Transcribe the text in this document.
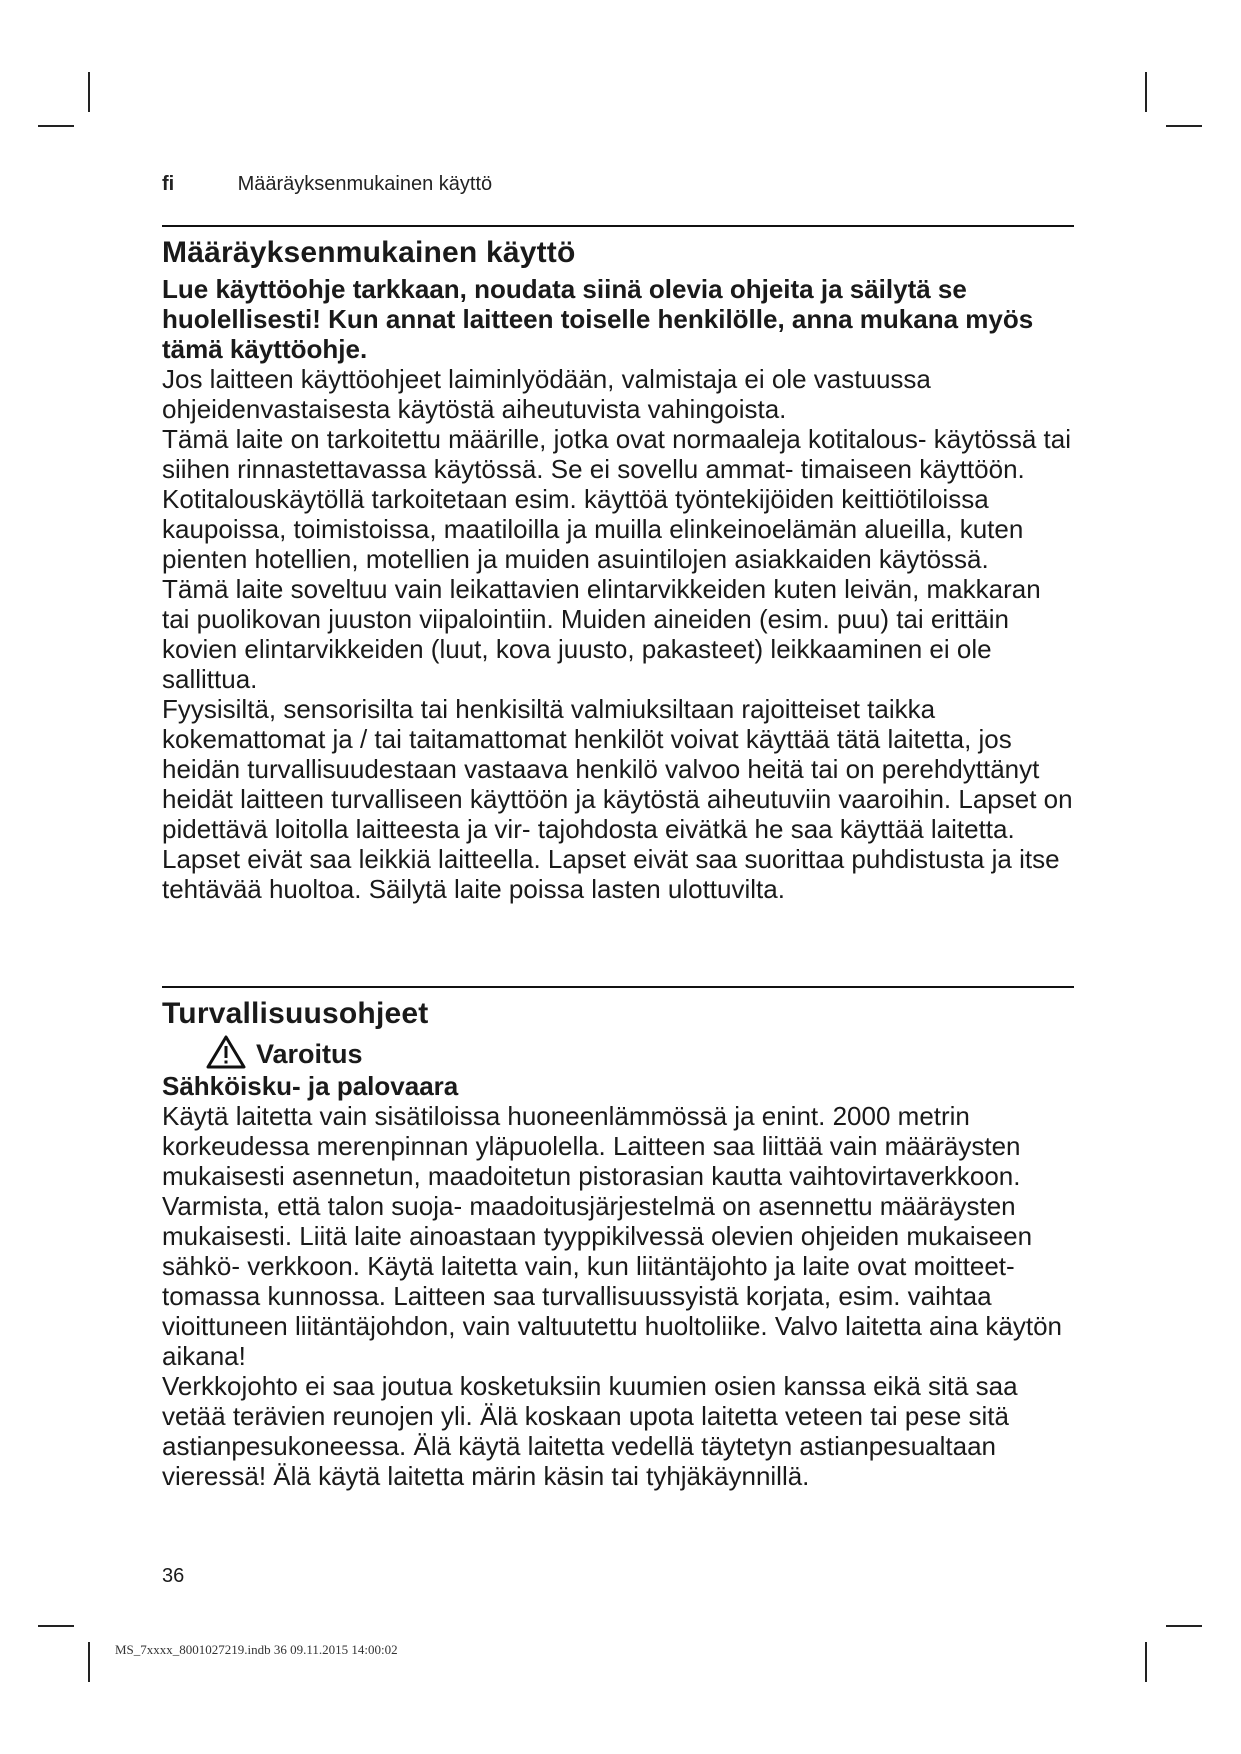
fi	Määräyksenmukainen käyttö
Määräyksenmukainen käyttö

Lue käyttöohje tarkkaan, noudata siinä olevia ohjeita ja säilytä se huolellisesti! Kun annat laitteen toiselle henkilölle, anna mukana myös tämä käyttöohje.

Jos laitteen käyttöohjeet laiminlyödään, valmistaja ei ole vastuussa ohjeidenvastaisesta käytöstä aiheutuvista vahingoista.

Tämä laite on tarkoitettu määrille, jotka ovat normaaleja kotitalous- käytössä tai siihen rinnastettavassa käytössä. Se ei sovellu ammat- timaiseen käyttöön. Kotitalouskäytöllä tarkoitetaan esim. käyttöä työntekijöiden keittiötiloissa kaupoissa, toimistoissa, maatiloilla ja muilla elinkeinoelämän alueilla, kuten pienten hotellien, motellien ja muiden asuintilojen asiakkaiden käytössä.

Tämä laite soveltuu vain leikattavien elintarvikkeiden kuten leivän, makkaran tai puolikovan juuston viipalointiin. Muiden aineiden (esim. puu) tai erittäin kovien elintarvikkeiden (luut, kova juusto, pakasteet) leikkaaminen ei ole sallittua.

Fyysisiltä, sensorisilta tai henkisiltä valmiuksiltaan rajoitteiset taikka kokemattomat ja / tai taitamattomat henkilöt voivat käyttää tätä laitetta, jos heidän turvallisuudestaan vastaava henkilö valvoo heitä tai on perehdyttänyt heidät laitteen turvalliseen käyttöön ja käytöstä aiheutuviin vaaroihin. Lapset on pidettävä loitolla laitteesta ja vir- tajohdosta eivätkä he saa käyttää laitetta. Lapset eivät saa leikkiä laitteella. Lapset eivät saa suorittaa puhdistusta ja itse tehtävää huoltoa. Säilytä laite poissa lasten ulottuvilta.

Turvallisuusohjeet
Varoitus

Sähköisku- ja palovaara

Käytä laitetta vain sisätiloissa huoneenlämmössä ja enint. 2000 metrin korkeudessa merenpinnan yläpuolella. Laitteen saa liittää vain määräysten mukaisesti asennetun, maadoitetun pistorasian kautta vaihtovirtaverkkoon. Varmista, että talon suoja- maadoitusjärjestelmä on asennettu määräysten mukaisesti. Liitä laite ainoastaan tyyppikilvessä olevien ohjeiden mukaiseen sähkö- verkkoon. Käytä laitetta vain, kun liitäntäjohto ja laite ovat moitteet- tomassa kunnossa. Laitteen saa turvallisuussyistä korjata, esim. vaihtaa vioittuneen liitäntäjohdon, vain valtuutettu huoltoliike. Valvo laitetta aina käytön aikana!

Verkkojohto ei saa joutua kosketuksiin kuumien osien kanssa eikä sitä saa vetää terävien reunojen yli. Älä koskaan upota laitetta veteen tai pese sitä astianpesukoneessa. Älä käytä laitetta vedellä täytetyn astianpesualtaan vieressä! Älä käytä laitetta märin käsin tai tyhjäkäynnillä.

36
MS_7xxxx_8001027219.indb 36 09.11.2015 14:00:02
